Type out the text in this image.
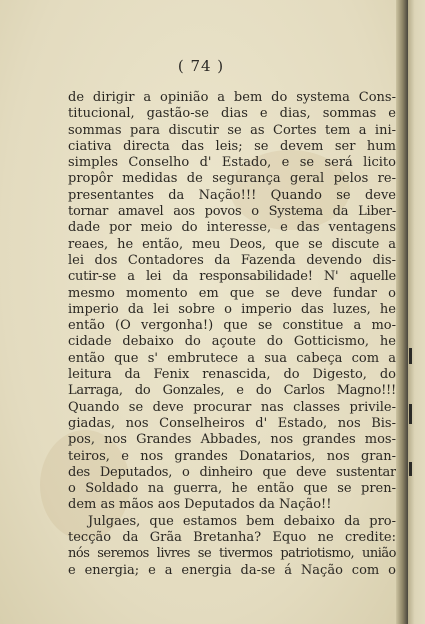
( 74 )
de dirigir a opinião a bem do systema Cons-
titucional, gastão-se dias e dias, sommas e
sommas para discutir se as Cortes tem a ini-
ciativa directa das leis; se devem ser hum
simples Conselho d' Estado, e se será licito
propôr medidas de segurança geral pelos re-
presentantes da Nação!!! Quando se deve
tornar amavel aos povos o Systema da Liber-
dade por meio do interesse, e das ventagens
reaes, he então, meu Deos, que se discute a
lei dos Contadores da Fazenda devendo dis-
cutir-se a lei da responsabilidade! N' aquelle
mesmo momento em que se deve fundar o
imperio da lei sobre o imperio das luzes, he
então (O vergonha!) que se constitue a mo-
cidade debaixo do açoute do Gotticismo, he
então que s' embrutece a sua cabeça com a
leitura da Fenix renascida, do Digesto, do
Larraga, do Gonzales, e do Carlos Magno!!!
Quando se deve procurar nas classes privile-
giadas, nos Conselheiros d' Estado, nos Bis-
pos, nos Grandes Abbades, nos grandes mos-
teiros, e nos grandes Donatarios, nos gran-
des Deputados, o dinheiro que deve sustentar
o Soldado na guerra, he então que se pren-
dem as mãos aos Deputados da Nação!!
Julgaes, que estamos bem debaixo da pro-
tecção da Grãa Bretanha? Equo ne credite:
nós seremos livres se tivermos patriotismo, união
e energia; e a energia da-se á Nação com o
